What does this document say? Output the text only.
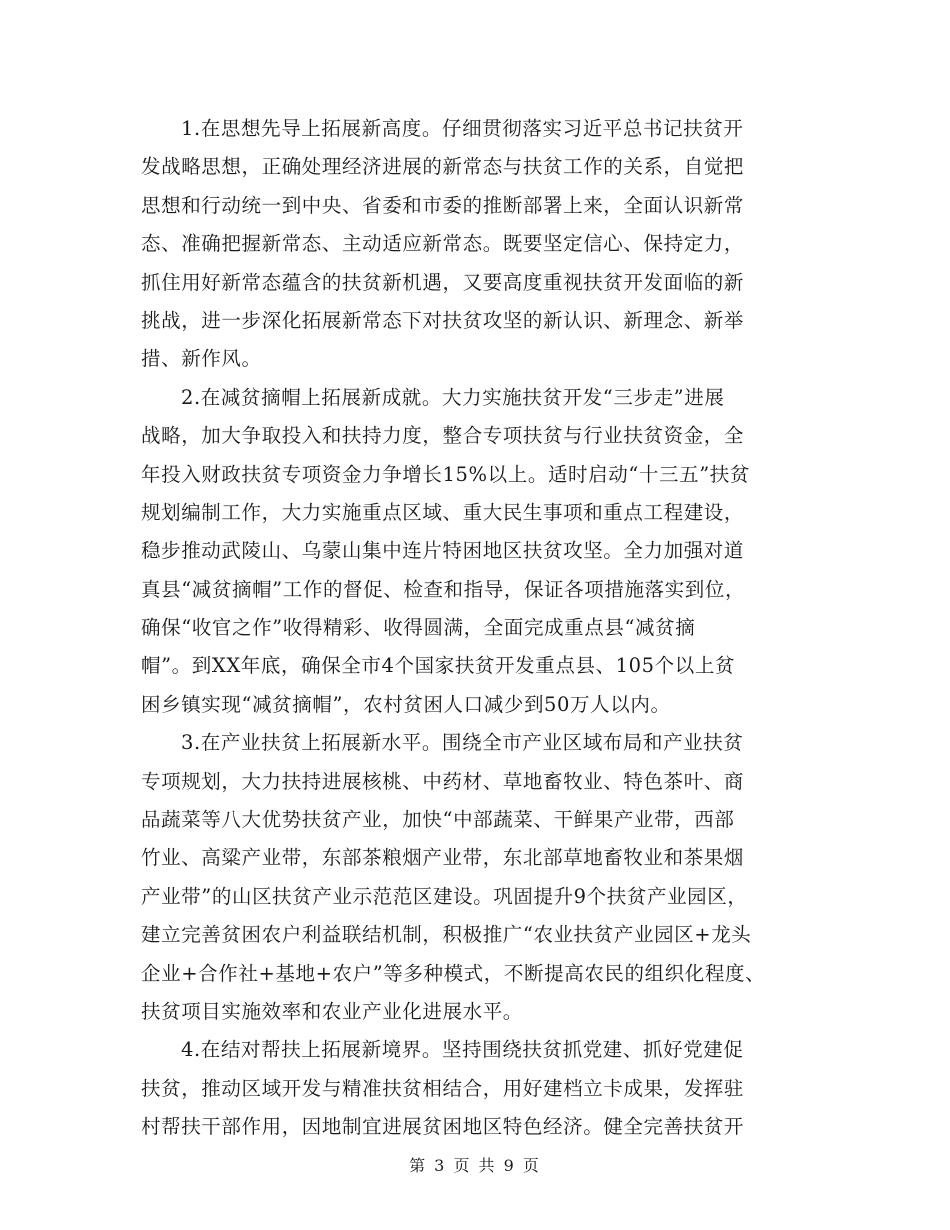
1.在思想先导上拓展新高度。仔细贯彻落实习近平总书记扶贫开
发战略思想，正确处理经济进展的新常态与扶贫工作的关系，自觉把
思想和行动统一到中央、省委和市委的推断部署上来，全面认识新常
态、准确把握新常态、主动适应新常态。既要坚定信心、保持定力，
抓住用好新常态蕴含的扶贫新机遇，又要高度重视扶贫开发面临的新
挑战，进一步深化拓展新常态下对扶贫攻坚的新认识、新理念、新举
措、新作风。
2.在减贫摘帽上拓展新成就。大力实施扶贫开发“三步走”进展
战略，加大争取投入和扶持力度，整合专项扶贫与行业扶贫资金，全
年投入财政扶贫专项资金力争增长15%以上。适时启动“十三五”扶贫
规划编制工作，大力实施重点区域、重大民生事项和重点工程建设，
稳步推动武陵山、乌蒙山集中连片特困地区扶贫攻坚。全力加强对道
真县“减贫摘帽”工作的督促、检查和指导，保证各项措施落实到位，
确保“收官之作”收得精彩、收得圆满，全面完成重点县“减贫摘
帽”。到XX年底，确保全市4个国家扶贫开发重点县、105个以上贫
困乡镇实现“减贫摘帽”，农村贫困人口减少到50万人以内。
3.在产业扶贫上拓展新水平。围绕全市产业区域布局和产业扶贫
专项规划，大力扶持进展核桃、中药材、草地畜牧业、特色茶叶、商
品蔬菜等八大优势扶贫产业，加快“中部蔬菜、干鲜果产业带，西部
竹业、高粱产业带，东部茶粮烟产业带，东北部草地畜牧业和茶果烟
产业带”的山区扶贫产业示范范区建设。巩固提升9个扶贫产业园区，
建立完善贫困农户利益联结机制，积极推广“农业扶贫产业园区+龙头
企业+合作社+基地+农户”等多种模式，不断提高农民的组织化程度、
扶贫项目实施效率和农业产业化进展水平。
4.在结对帮扶上拓展新境界。坚持围绕扶贫抓党建、抓好党建促
扶贫，推动区域开发与精准扶贫相结合，用好建档立卡成果，发挥驻
村帮扶干部作用，因地制宜进展贫困地区特色经济。健全完善扶贫开
第 3 页 共 9 页
